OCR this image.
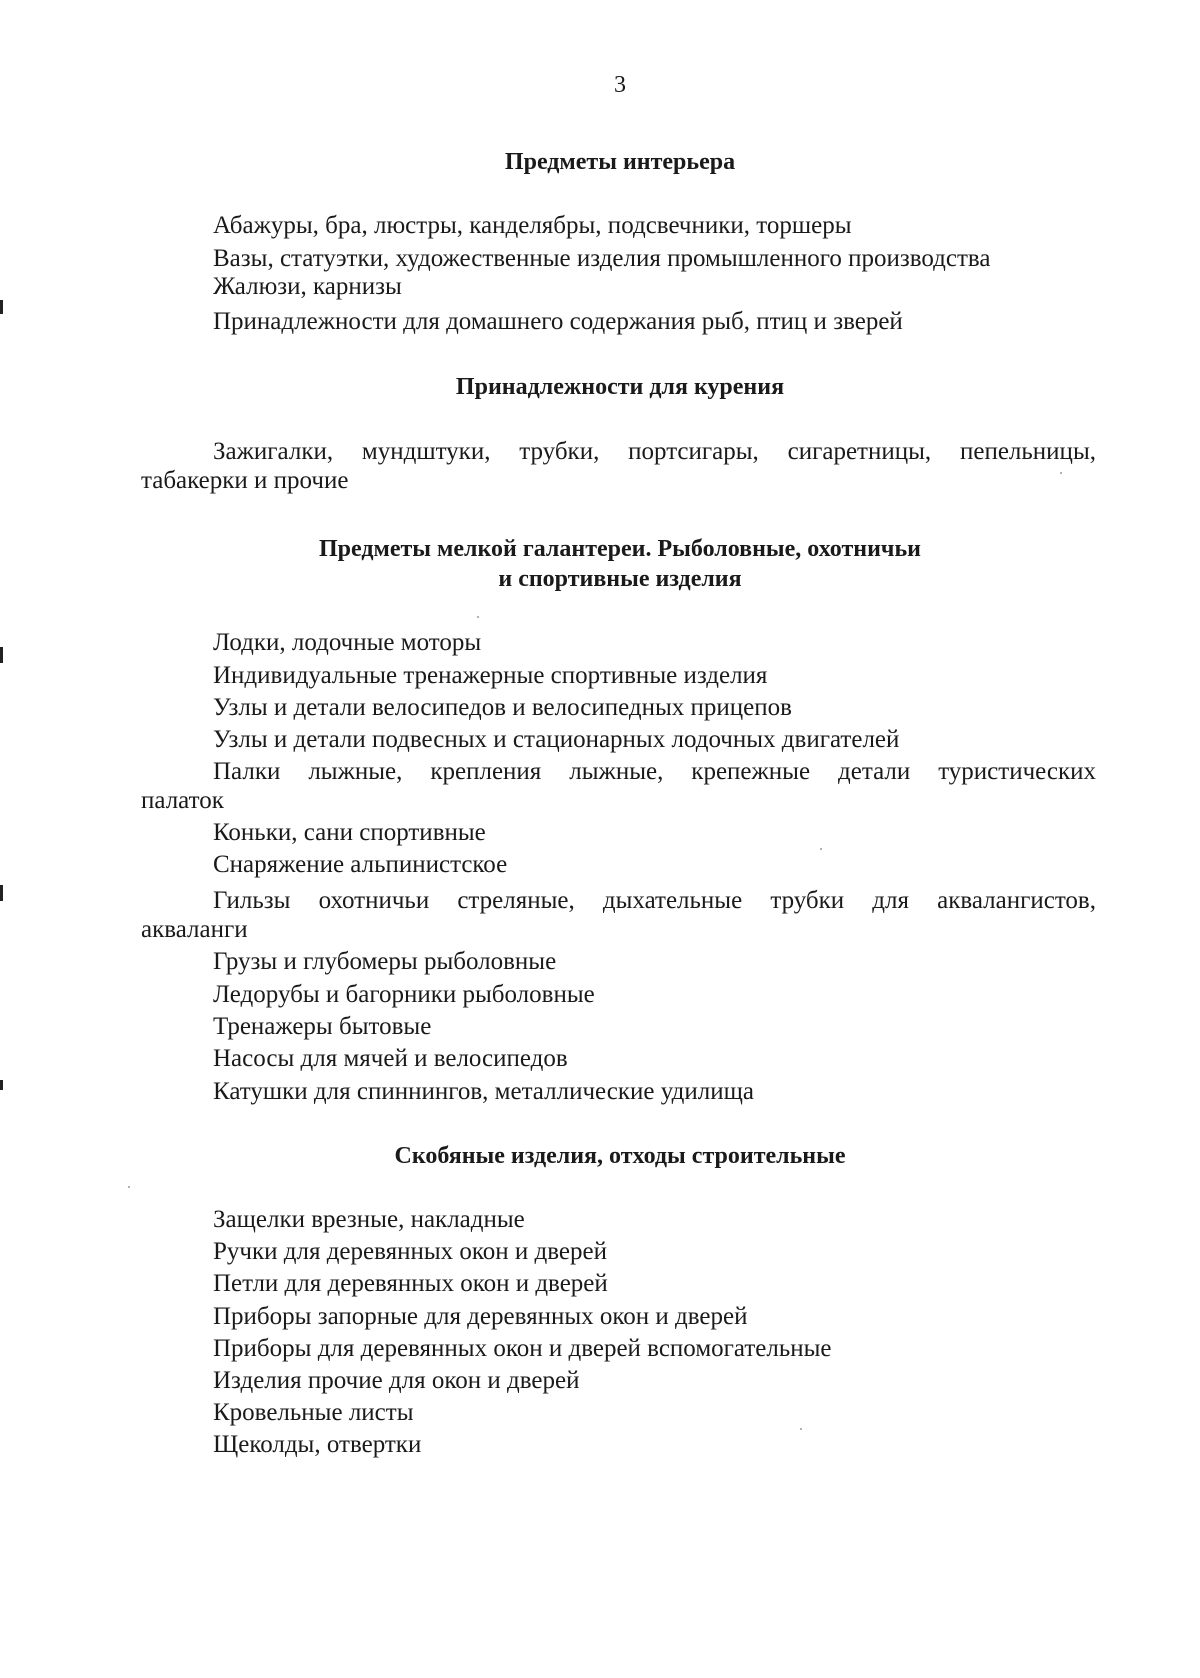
3
Предметы интерьера

Абажуры, бра, люстры, канделябры, подсвечники, торшеры

Вазы, статуэтки, художественные изделия промышленного производства

Жалюзи, карнизы

Принадлежности для домашнего содержания рыб, птиц и зверей

Принадлежности для курения

Зажигалки, мундштуки, трубки, портсигары, сигаретницы, пепельницы,

табакерки и прочие

Предметы мелкой галантереи. Рыболовные, охотничьи
и спортивные изделия

Лодки, лодочные моторы

Индивидуальные тренажерные спортивные изделия

Узлы и детали велосипедов и велосипедных прицепов

Узлы и детали подвесных и стационарных лодочных двигателей

Палки лыжные, крепления лыжные, крепежные детали туристических

палаток

Коньки, сани спортивные

Снаряжение альпинистское

Гильзы охотничьи стреляные, дыхательные трубки для аквалангистов,

акваланги

Грузы и глубомеры рыболовные

Ледорубы и багорники рыболовные

Тренажеры бытовые

Насосы для мячей и велосипедов

Катушки для спиннингов, металлические удилища

Скобяные изделия, отходы строительные

Защелки врезные, накладные

Ручки для деревянных окон и дверей

Петли для деревянных окон и дверей

Приборы запорные для деревянных окон и дверей

Приборы для деревянных окон и дверей вспомогательные

Изделия прочие для окон и дверей

Кровельные листы

Щеколды, отвертки
